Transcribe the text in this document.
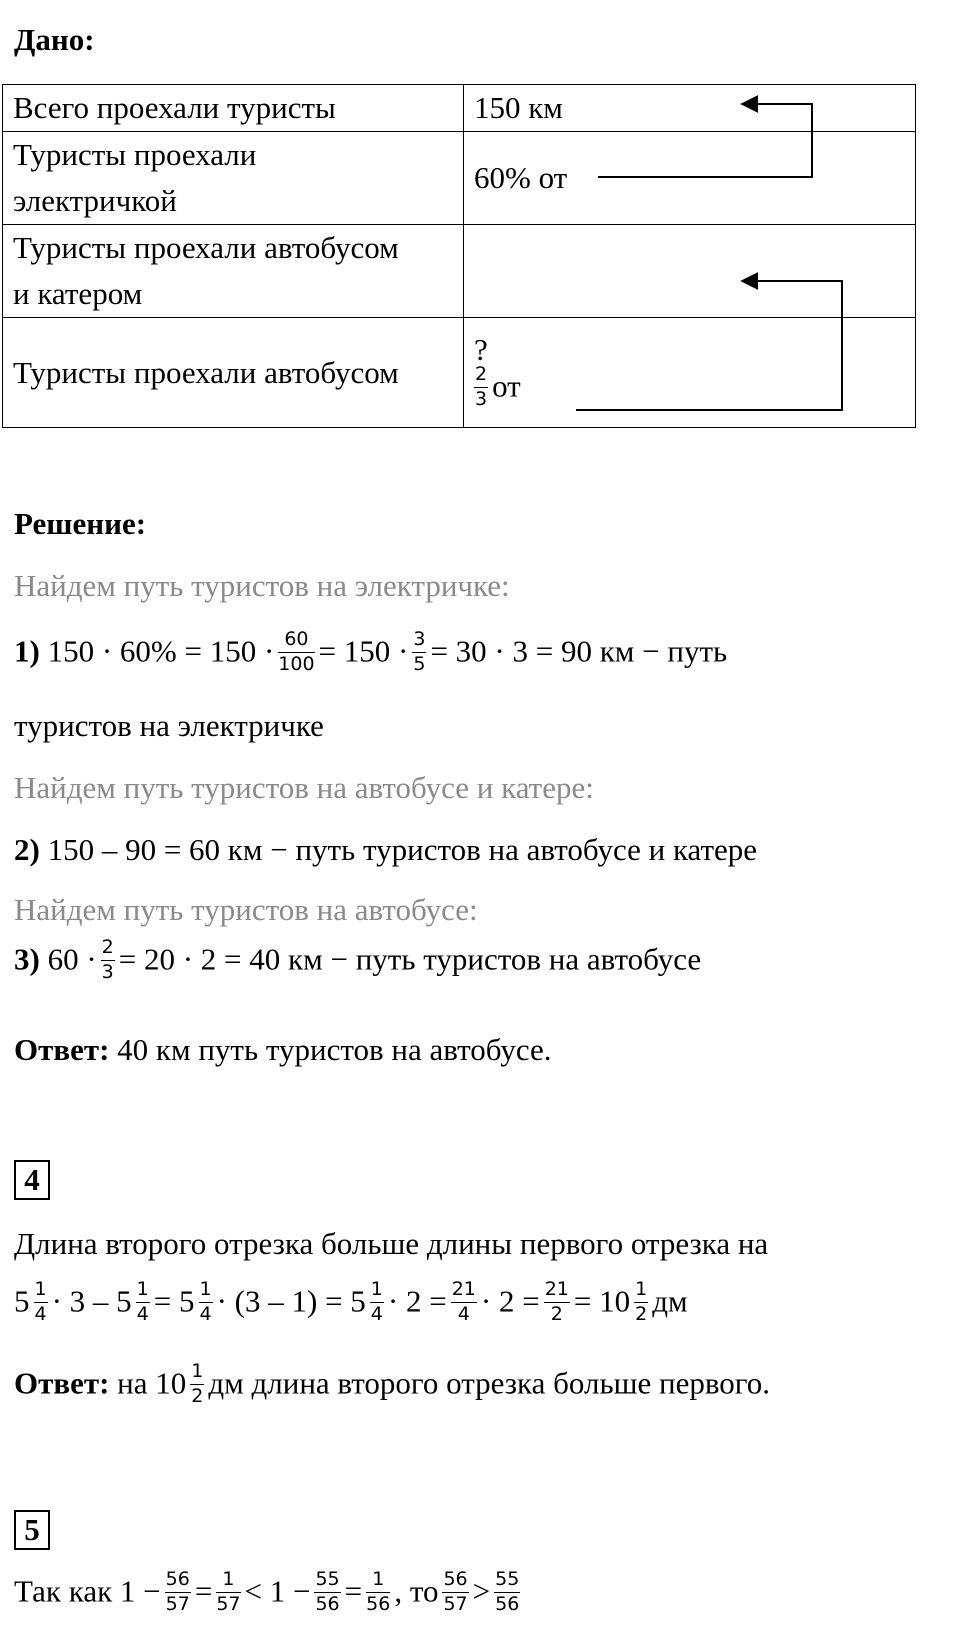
Дано:
Всего проехали туристы	150 км

Туристы проехали
электричкой	60% от

Туристы проехали автобусом
и катером	

Туристы проехали автобусом	?
$\frac{2}{3}$ от
Решение:
Найдем путь туристов на электричке:
1) $150 \cdot 60\% = 150 \cdot \frac{60}{100} = 150 \cdot \frac{3}{5} = 30 \cdot 3 = 90$ км − путь
туристов на электричке
Найдем путь туристов на автобусе и катере:
2) 150 – 90 = 60 км − путь туристов на автобусе и катере
Найдем путь туристов на автобусе:
3) $60 \cdot \frac{2}{3} = 20 \cdot 2 = 40$ км − путь туристов на автобусе
Ответ: 40 км путь туристов на автобусе.
4
Длина второго отрезка больше длины первого отрезка на
$5 \frac{1}{4} \cdot 3 - 5 \frac{1}{4} = 5 \frac{1}{4} \cdot (3 - 1) = 5 \frac{1}{4} \cdot 2 = \frac{21}{4} \cdot 2 = \frac{21}{2} = 10 \frac{1}{2}$ дм
Ответ: на $10 \frac{1}{2}$ дм длина второго отрезка больше первого.
5
Так как $1 - \frac{56}{57} = \frac{1}{57} < 1 - \frac{55}{56} = \frac{1}{56}$ , то $\frac{56}{57} > \frac{55}{56}$
